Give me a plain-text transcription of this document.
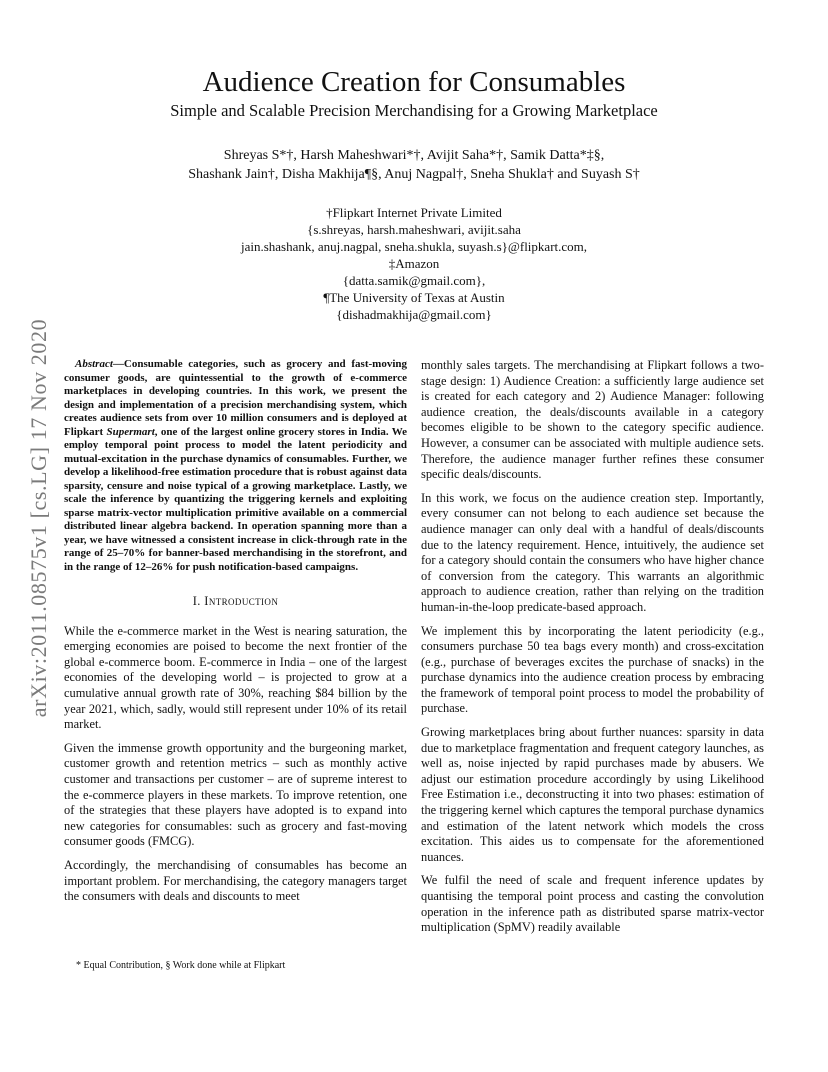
arXiv:2011.08575v1 [cs.LG] 17 Nov 2020
Audience Creation for Consumables
Simple and Scalable Precision Merchandising for a Growing Marketplace
Shreyas S*†, Harsh Maheshwari*†, Avijit Saha*†, Samik Datta*‡§,
Shashank Jain†, Disha Makhija¶§, Anuj Nagpal†, Sneha Shukla† and Suyash S†
†Flipkart Internet Private Limited
{s.shreyas, harsh.maheshwari, avijit.saha
jain.shashank, anuj.nagpal, sneha.shukla, suyash.s}@flipkart.com,
‡Amazon
{datta.samik@gmail.com},
¶The University of Texas at Austin
{dishadmakhija@gmail.com}

Abstract—Consumable categories, such as grocery and fast-moving consumer goods, are quintessential to the growth of e-commerce marketplaces in developing countries. In this work, we present the design and implementation of a precision merchandising system, which creates audience sets from over 10 million consumers and is deployed at Flipkart Supermart, one of the largest online grocery stores in India. We employ temporal point process to model the latent periodicity and mutual-excitation in the purchase dynamics of consumables. Further, we develop a likelihood-free estimation procedure that is robust against data sparsity, censure and noise typical of a growing marketplace. Lastly, we scale the inference by quantizing the triggering kernels and exploiting sparse matrix-vector multiplication primitive available on a commercial distributed linear algebra backend. In operation spanning more than a year, we have witnessed a consistent increase in click-through rate in the range of 25–70% for banner-based merchandising in the storefront, and in the range of 12–26% for push notification-based campaigns.

I. Introduction

While the e-commerce market in the West is nearing saturation, the emerging economies are poised to become the next frontier of the global e-commerce boom. E-commerce in India – one of the largest economies of the developing world – is projected to grow at a cumulative annual growth rate of 30%, reaching $84 billion by the year 2021, which, sadly, would still represent under 10% of its retail market.

Given the immense growth opportunity and the burgeoning market, customer growth and retention metrics – such as monthly active customer and transactions per customer – are of supreme interest to the e-commerce players in these markets. To improve retention, one of the strategies that these players have adopted is to expand into new categories for consumables: such as grocery and fast-moving consumer goods (FMCG).

Accordingly, the merchandising of consumables has become an important problem. For merchandising, the category managers target the consumers with deals and discounts to meet

* Equal Contribution, § Work done while at Flipkart

monthly sales targets. The merchandising at Flipkart follows a two-stage design: 1) Audience Creation: a sufficiently large audience set is created for each category and 2) Audience Manager: following audience creation, the deals/discounts available in a category becomes eligible to be shown to the category specific audience. However, a consumer can be associated with multiple audience sets. Therefore, the audience manager further refines these consumer specific deals/discounts.

In this work, we focus on the audience creation step. Importantly, every consumer can not belong to each audience set because the audience manager can only deal with a handful of deals/discounts due to the latency requirement. Hence, intuitively, the audience set for a category should contain the consumers who have higher chance of conversion from the category. This warrants an algorithmic approach to audience creation, rather than relying on the tradition human-in-the-loop predicate-based approach.

We implement this by incorporating the latent periodicity (e.g., consumers purchase 50 tea bags every month) and cross-excitation (e.g., purchase of beverages excites the purchase of snacks) in the purchase dynamics into the audience creation process by embracing the framework of temporal point process to model the probability of purchase.

Growing marketplaces bring about further nuances: sparsity in data due to marketplace fragmentation and frequent category launches, as well as, noise injected by rapid purchases made by abusers. We adjust our estimation procedure accordingly by using Likelihood Free Estimation i.e., deconstructing it into two phases: estimation of the triggering kernel which captures the temporal purchase dynamics and estimation of the latent network which models the cross excitation. This aides us to compensate for the aforementioned nuances.

We fulfil the need of scale and frequent inference updates by quantising the temporal point process and casting the convolution operation in the inference path as distributed sparse matrix-vector multiplication (SpMV) readily available
